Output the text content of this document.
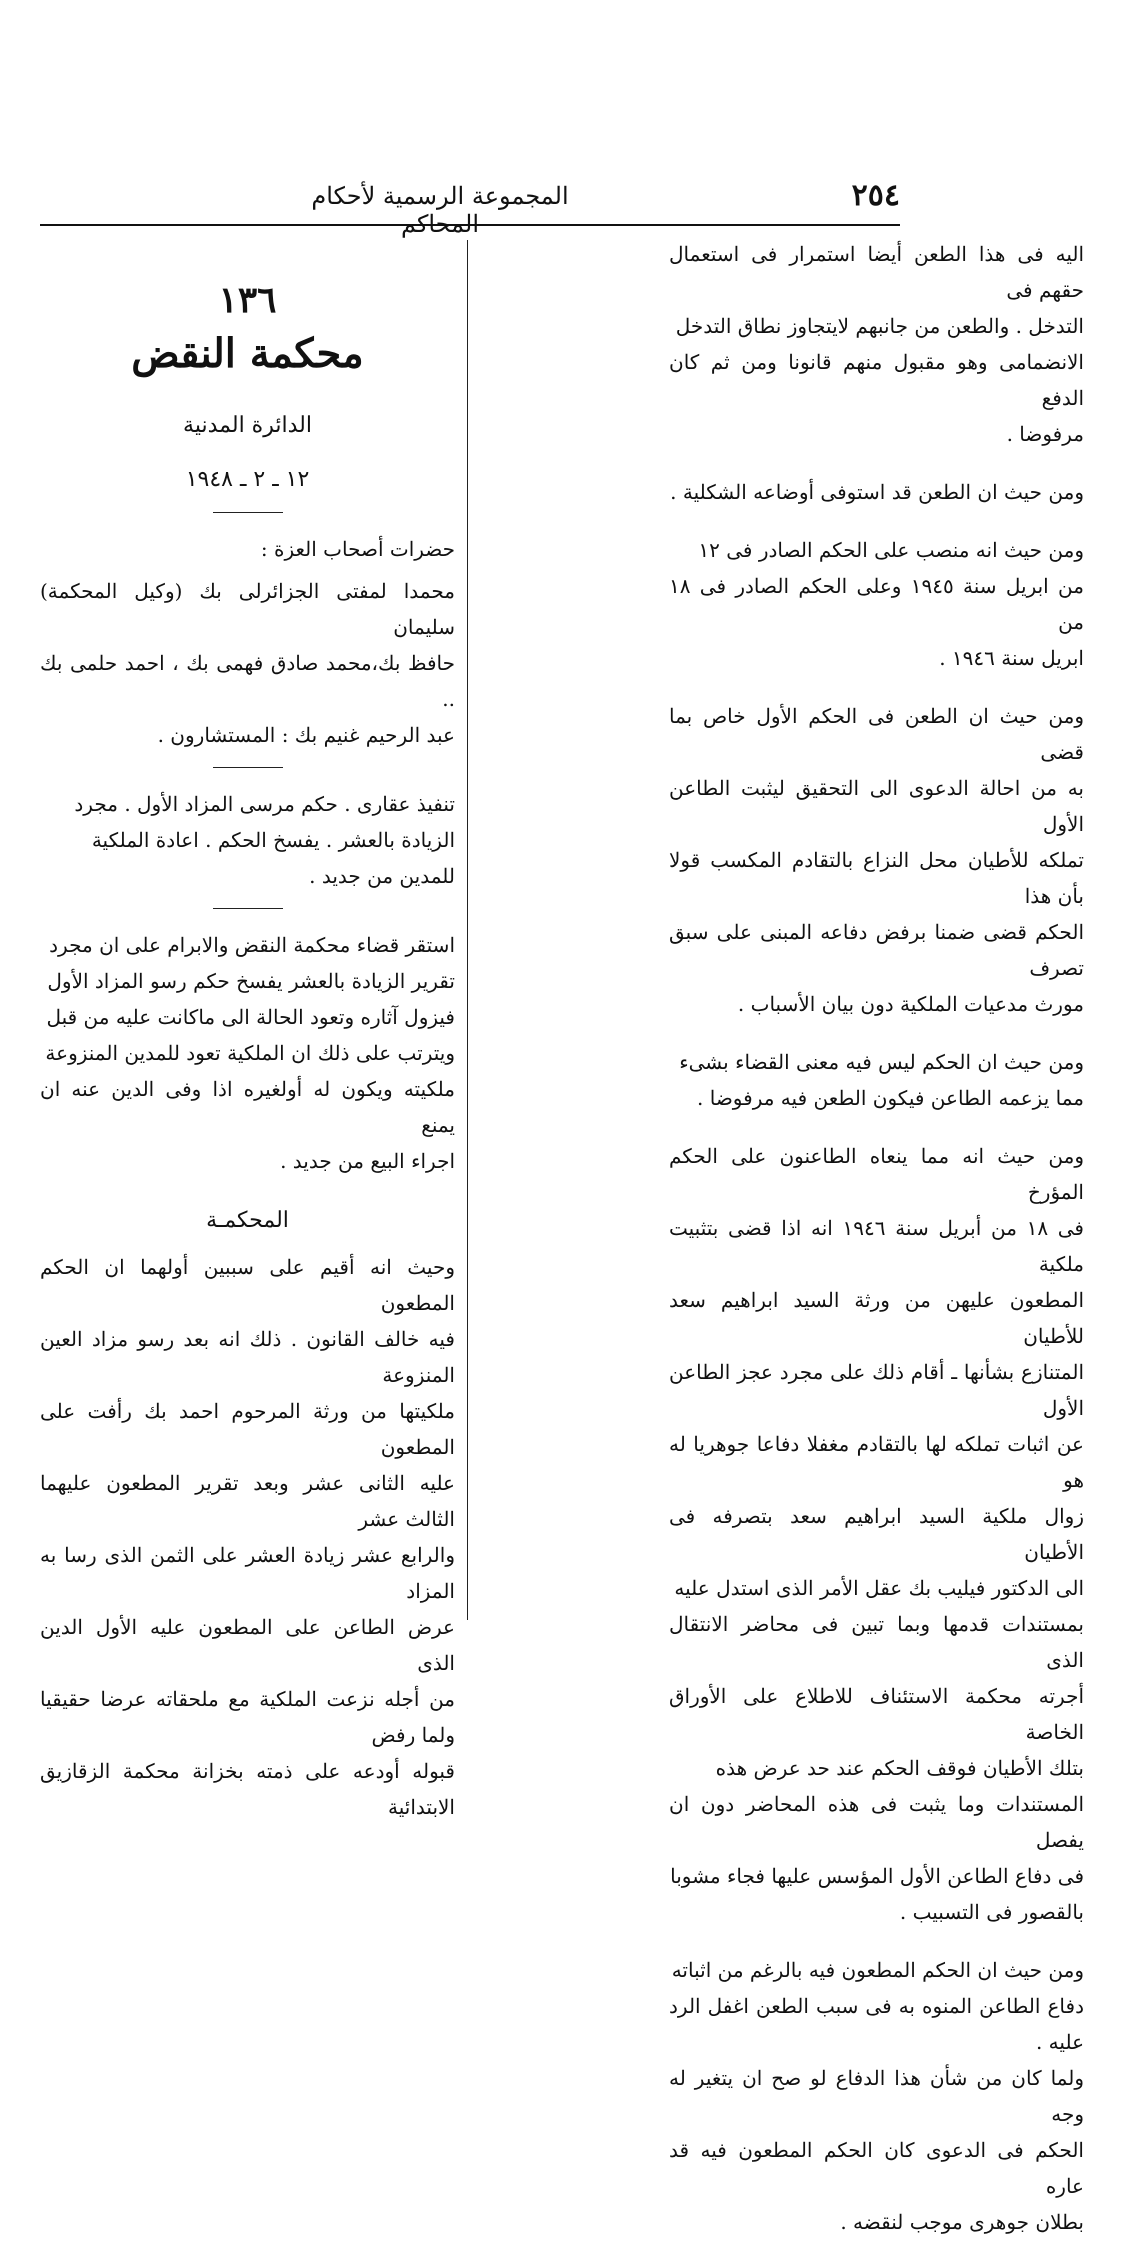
٢٥٤
المجموعة الرسمية لأحكام المحاكم

اليه فى هذا الطعن أيضا استمرار فى استعمال حقهم فى

التدخل . والطعن من جانبهم لايتجاوز نطاق التدخل

الانضمامى وهو مقبول منهم قانونا ومن ثم كان الدفع

مرفوضا .

ومن حيث ان الطعن قد استوفى أوضاعه الشكلية .

ومن حيث انه منصب على الحكم الصادر فى ١٢

من ابريل سنة ١٩٤٥ وعلى الحكم الصادر فى ١٨ من

ابريل سنة ١٩٤٦ .

ومن حيث ان الطعن فى الحكم الأول خاص بما قضى

به من احالة الدعوى الى التحقيق ليثبت الطاعن الأول

تملكه للأطيان محل النزاع بالتقادم المكسب قولا بأن هذا

الحكم قضى ضمنا برفض دفاعه المبنى على سبق تصرف

مورث مدعيات الملكية دون بيان الأسباب .

ومن حيث ان الحكم ليس فيه معنى القضاء بشىء

مما يزعمه الطاعن فيكون الطعن فيه مرفوضا .

ومن حيث انه مما ينعاه الطاعنون على الحكم المؤرخ

فى ١٨ من أبريل سنة ١٩٤٦ انه اذا قضى بتثبيت ملكية

المطعون عليهن من ورثة السيد ابراهيم سعد للأطيان

المتنازع بشأنها ـ أقام ذلك على مجرد عجز الطاعن الأول

عن اثبات تملكه لها بالتقادم مغفلا دفاعا جوهريا له هو

زوال ملكية السيد ابراهيم سعد بتصرفه فى الأطيان

الى الدكتور فيليب بك عقل الأمر الذى استدل عليه

بمستندات قدمها وبما تبين فى محاضر الانتقال الذى

أجرته محكمة الاستئناف للاطلاع على الأوراق الخاصة

بتلك الأطيان فوقف الحكم عند حد عرض هذه

المستندات وما يثبت فى هذه المحاضر دون ان يفصل

فى دفاع الطاعن الأول المؤسس عليها فجاء مشوبا

بالقصور فى التسبيب .

ومن حيث ان الحكم المطعون فيه بالرغم من اثباته

دفاع الطاعن المنوه به فى سبب الطعن اغفل الرد عليه .

ولما كان من شأن هذا الدفاع لو صح ان يتغير له وجه

الحكم فى الدعوى كان الحكم المطعون فيه قد عاره

بطلان جوهرى موجب لنقضه .

١٣٦
محكمة النقض
الدائرة المدنية
١٢ ـ ٢ ـ ١٩٤٨
حضرات أصحاب العزة :

محمدا لمفتى الجزائرلى بك (وكيل المحكمة) سليمان

حافظ بك،محمد صادق فهمى بك ، احمد حلمى بك ..

عبد الرحيم غنيم بك : المستشارون .

تنفيذ عقارى . حكم مرسى المزاد الأول . مجرد

الزيادة بالعشر . يفسخ الحكم . اعادة الملكية

للمدين من جديد .

استقر قضاء محكمة النقض والابرام على ان مجرد

تقرير الزيادة بالعشر يفسخ حكم رسو المزاد الأول

فيزول آثاره وتعود الحالة الى ماكانت عليه من قبل

ويترتب على ذلك ان الملكية تعود للمدين المنزوعة

ملكيته ويكون له أولغيره اذا وفى الدين عنه ان يمنع

اجراء البيع من جديد .

المحكمـة

وحيث انه أقيم على سببين أولهما ان الحكم المطعون

فيه خالف القانون . ذلك انه بعد رسو مزاد العين المنزوعة

ملكيتها من ورثة المرحوم احمد بك رأفت على المطعون

عليه الثانى عشر وبعد تقرير المطعون عليهما الثالث عشر

والرابع عشر زيادة العشر على الثمن الذى رسا به المزاد

عرض الطاعن على المطعون عليه الأول الدين الذى

من أجله نزعت الملكية مع ملحقاته عرضا حقيقيا ولما رفض

قبوله أودعه على ذمته بخزانة محكمة الزقازيق الابتدائية
